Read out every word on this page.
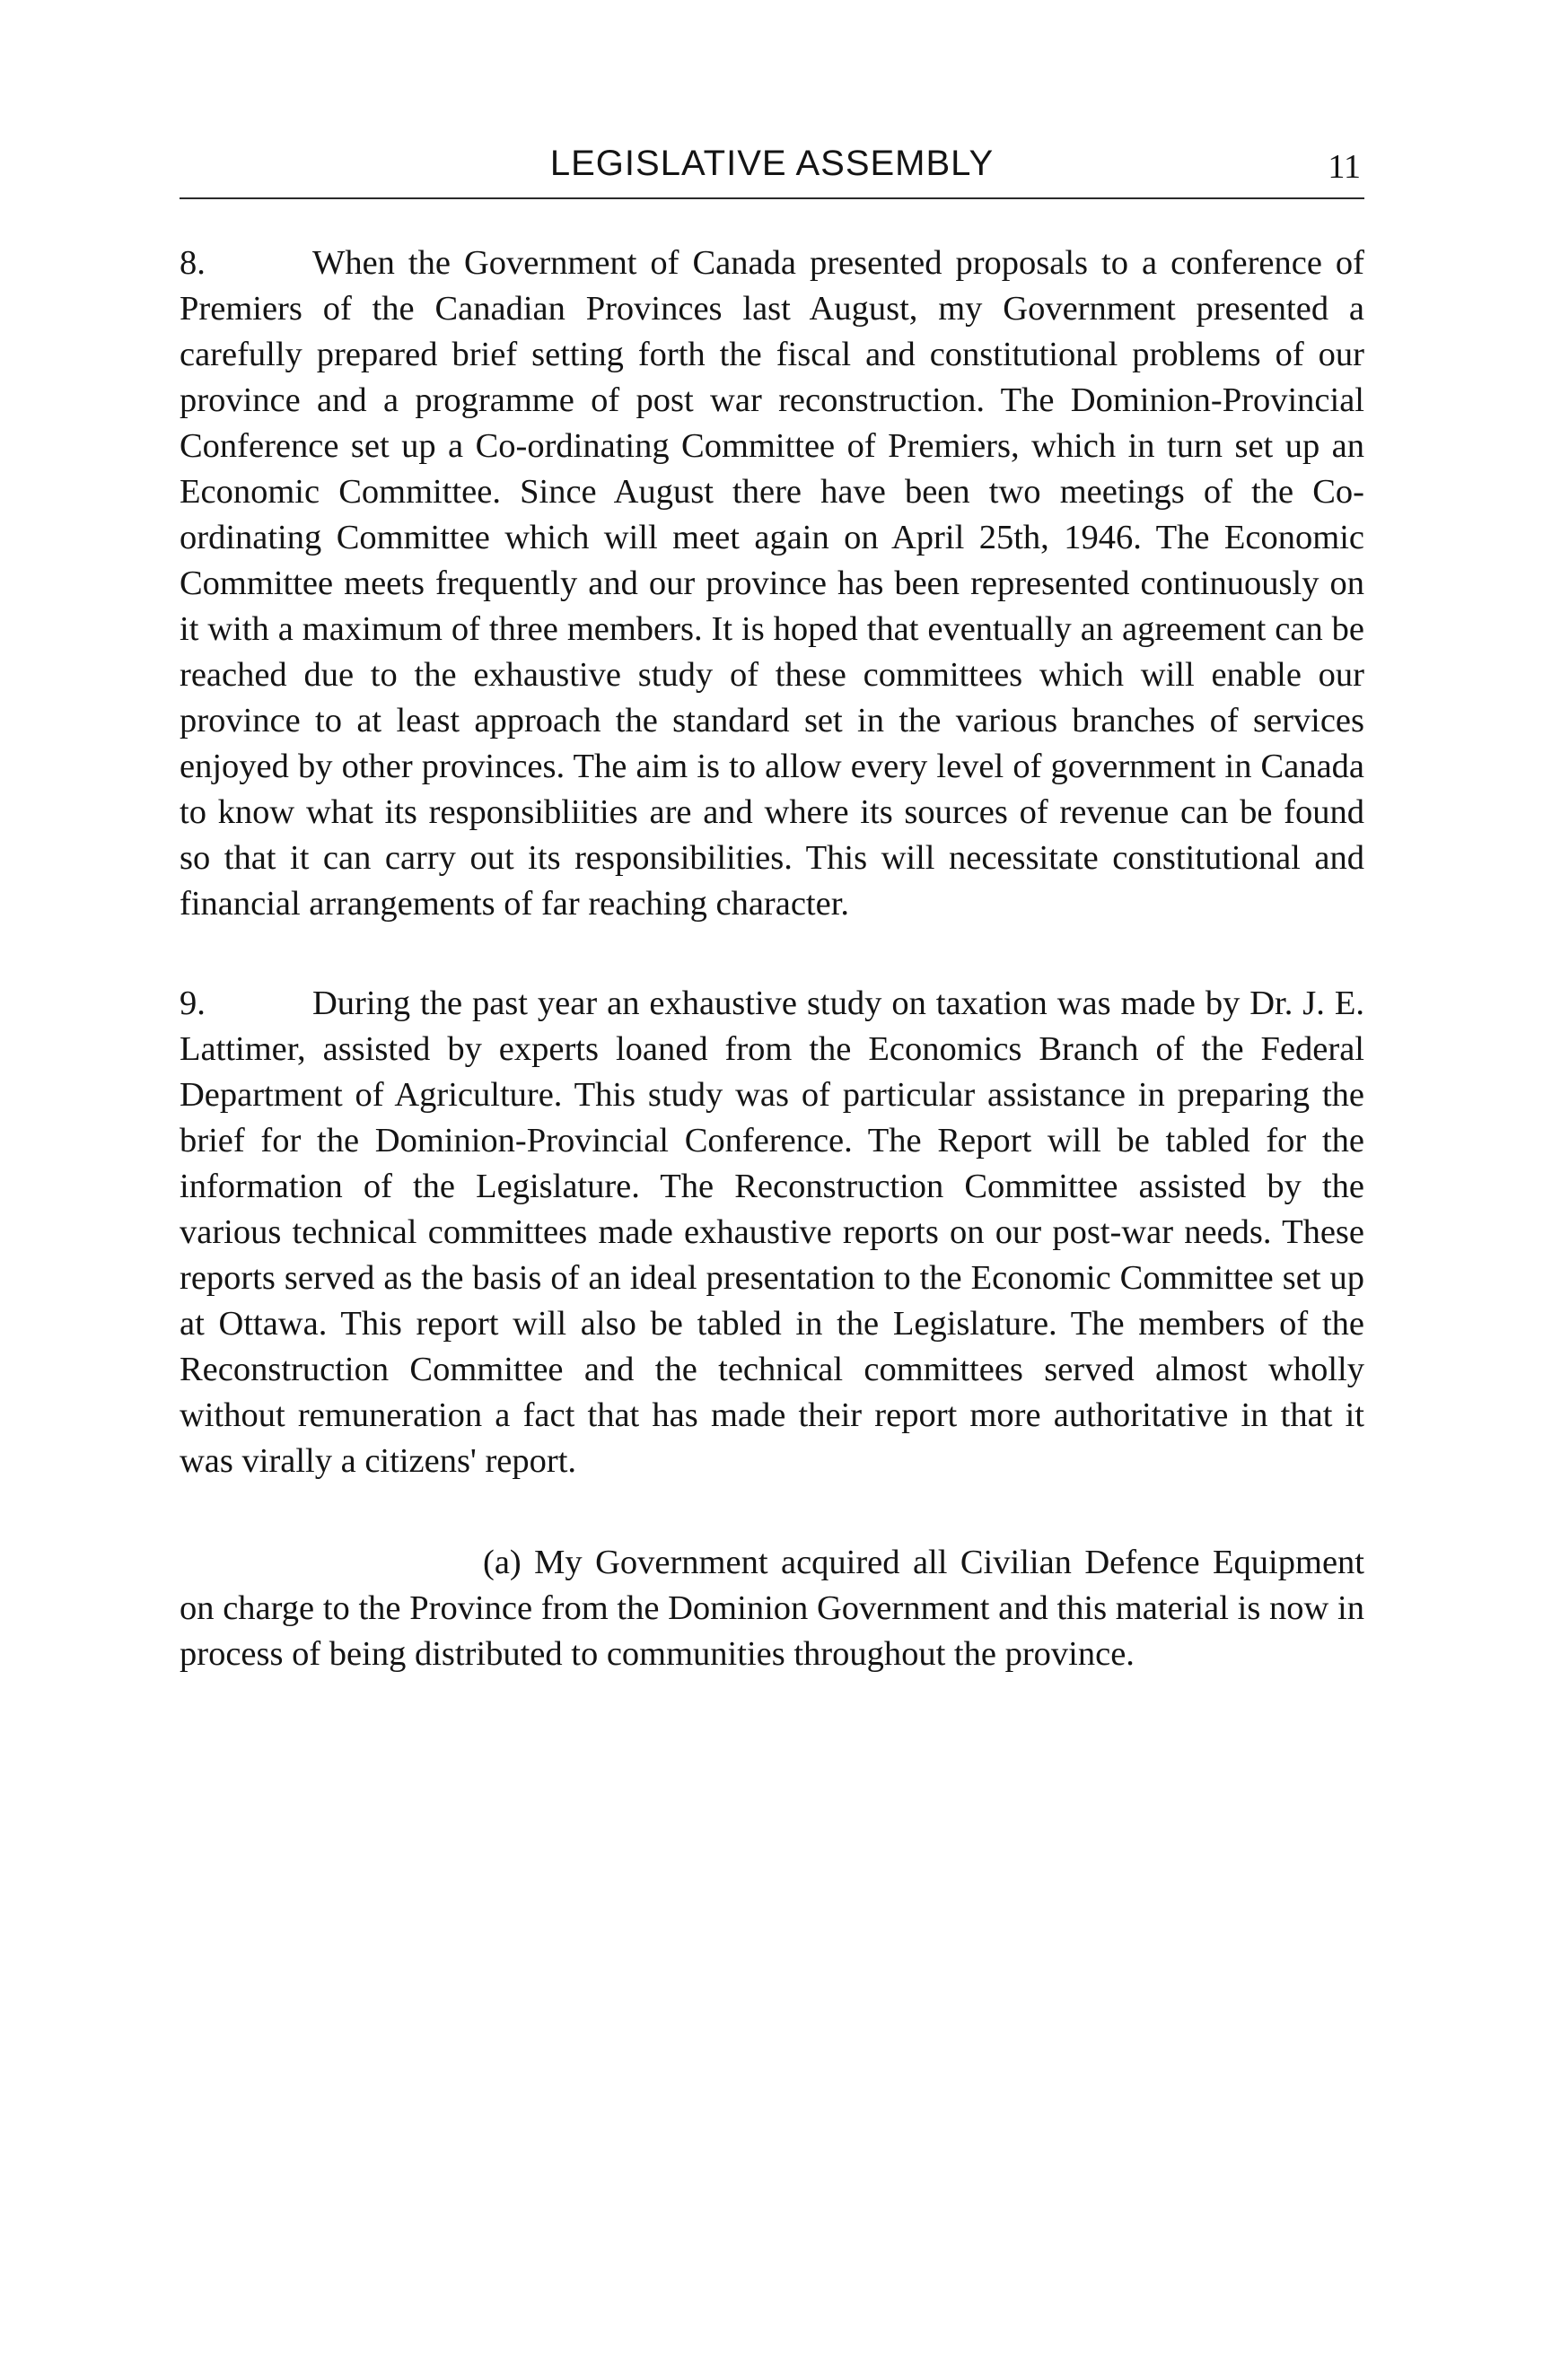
LEGISLATIVE ASSEMBLY	11

8.	When the Government of Canada presented proposals to a conference of Premiers of the Canadian Provinces last August, my Government presented a carefully prepared brief setting forth the fiscal and constitutional problems of our province and a programme of post war reconstruction. The Dominion-Provincial Conference set up a Co-ordinating Committee of Premiers, which in turn set up an Economic Committee. Since August there have been two meetings of the Co-ordinating Committee which will meet again on April 25th, 1946. The Economic Committee meets frequently and our province has been represented continuously on it with a maximum of three members. It is hoped that eventually an agreement can be reached due to the exhaustive study of these committees which will enable our province to at least approach the standard set in the various branches of services enjoyed by other provinces. The aim is to allow every level of government in Canada to know what its responsibliities are and where its sources of revenue can be found so that it can carry out its responsibilities. This will necessitate constitutional and financial arrangements of far reaching character.

9.	During the past year an exhaustive study on taxation was made by Dr. J. E. Lattimer, assisted by experts loaned from the Economics Branch of the Federal Department of Agriculture. This study was of particular assistance in preparing the brief for the Dominion-Provincial Conference. The Report will be tabled for the information of the Legislature. The Reconstruction Committee assisted by the various technical committees made exhaustive reports on our post-war needs. These reports served as the basis of an ideal presentation to the Economic Committee set up at Ottawa. This report will also be tabled in the Legislature. The members of the Reconstruction Committee and the technical committees served almost wholly without remuneration a fact that has made their report more authoritative in that it was virally a citizens' report.

(a) My Government acquired all Civilian Defence Equipment on charge to the Province from the Dominion Government and this material is now in process of being distributed to communities throughout the province.
